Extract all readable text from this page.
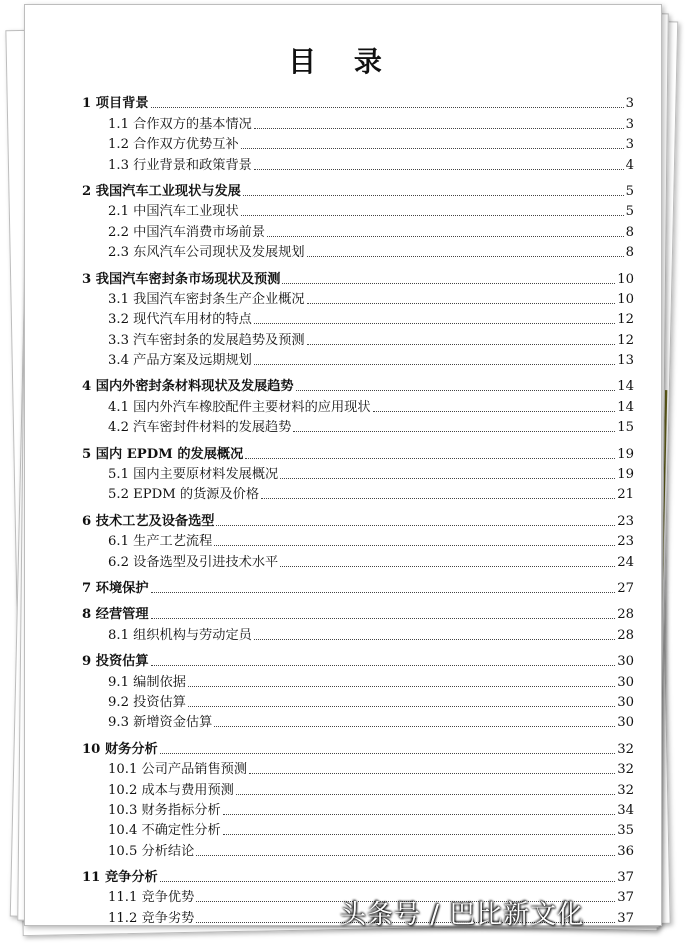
目 录
1 项目背景	3
1.1 合作双方的基本情况	3
1.2 合作双方优势互补	3
1.3 行业背景和政策背景	4
2 我国汽车工业现状与发展	5
2.1 中国汽车工业现状	5
2.2 中国汽车消费市场前景	8
2.3 东风汽车公司现状及发展规划	8
3 我国汽车密封条市场现状及预测	10
3.1 我国汽车密封条生产企业概况	10
3.2 现代汽车用材的特点	12
3.3 汽车密封条的发展趋势及预测	12
3.4 产品方案及远期规划	13
4 国内外密封条材料现状及发展趋势	14
4.1 国内外汽车橡胶配件主要材料的应用现状	14
4.2 汽车密封件材料的发展趋势	15
5 国内 EPDM 的发展概况	19
5.1 国内主要原材料发展概况	19
5.2 EPDM 的货源及价格	21
6 技术工艺及设备选型	23
6.1 生产工艺流程	23
6.2 设备选型及引进技术水平	24
7 环境保护	27
8 经营管理	28
8.1 组织机构与劳动定员	28
9 投资估算	30
9.1 编制依据	30
9.2 投资估算	30
9.3 新增资金估算	30
10 财务分析	32
10.1 公司产品销售预测	32
10.2 成本与费用预测	32
10.3 财务指标分析	34
10.4 不确定性分析	35
10.5 分析结论	36
11 竞争分析	37
11.1 竞争优势	37
11.2 竞争劣势	37
头条号 / 巴比新文化
